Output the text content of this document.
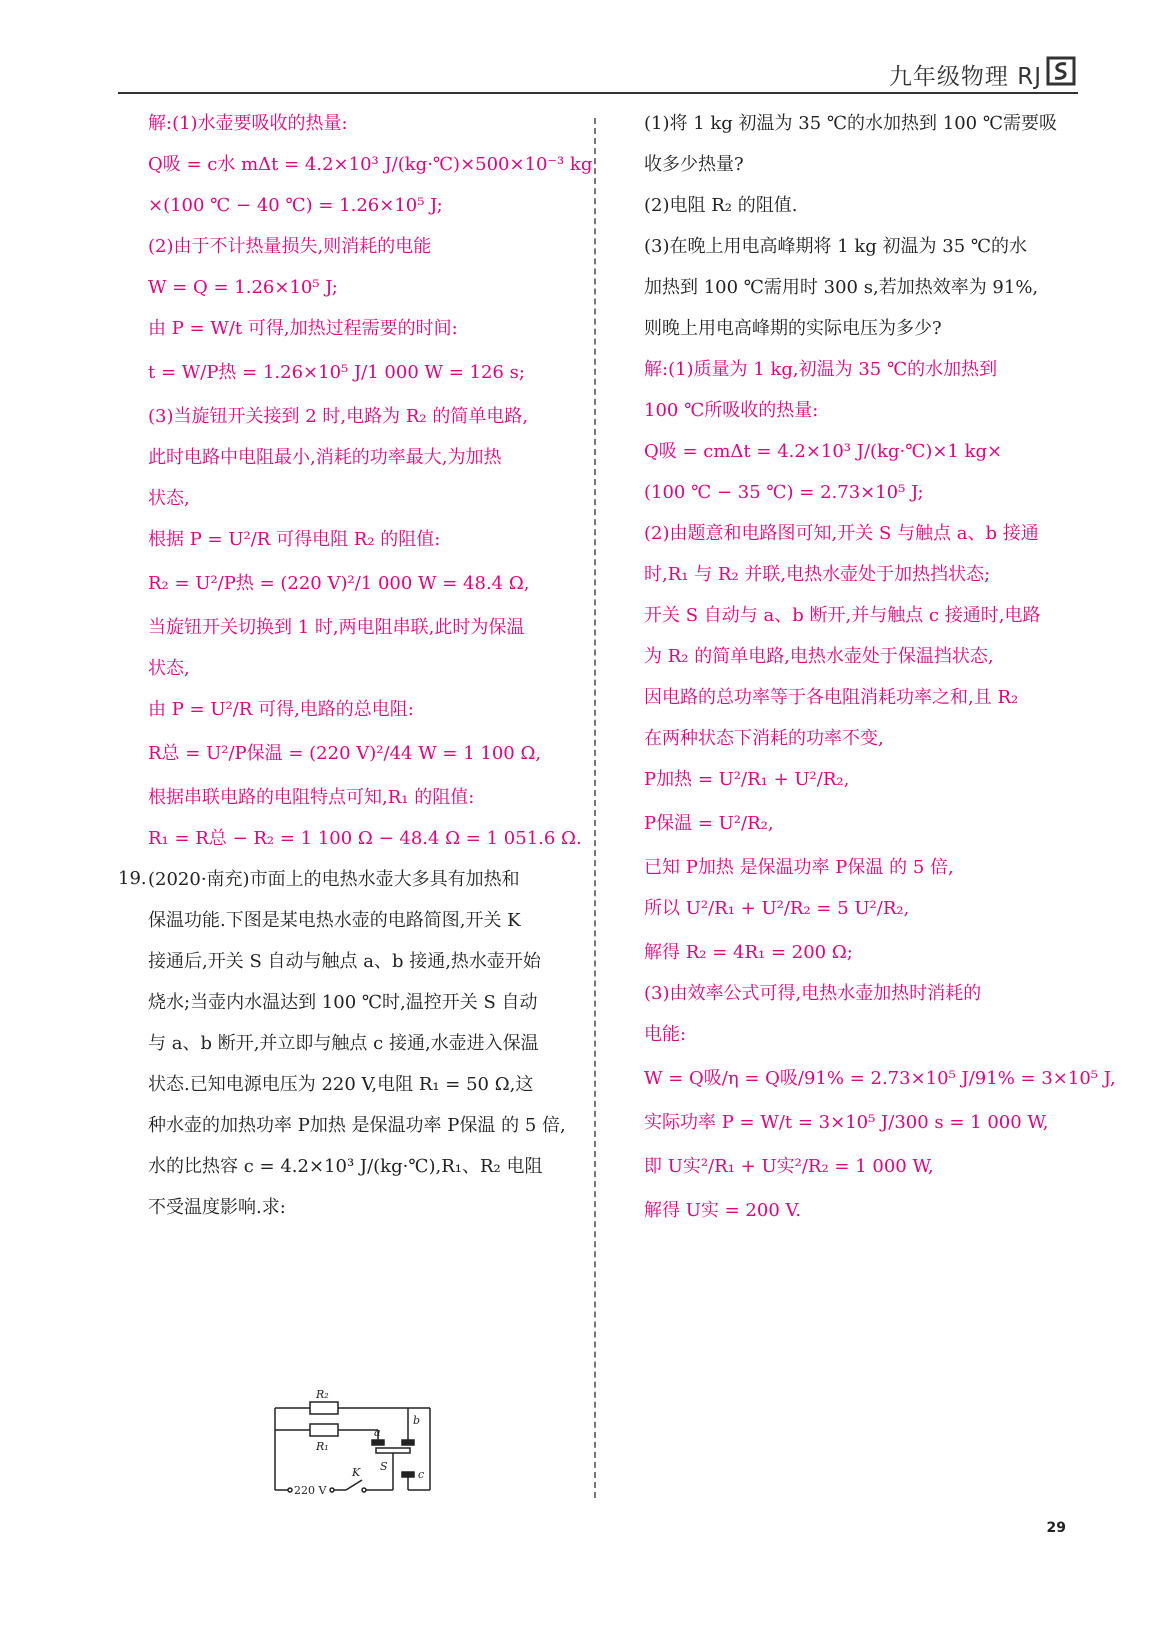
九年级物理 RJ
解:(1)水壶要吸收的热量:
Q吸 = c水 mΔt = 4.2×10³ J/(kg·℃)×500×10⁻³ kg
×(100 ℃ − 40 ℃) = 1.26×10⁵ J;
(2)由于不计热量损失,则消耗的电能
W = Q = 1.26×10⁵ J;
由 P = W/t 可得,加热过程需要的时间:
t = W/P热 = 1.26×10⁵ J/1 000 W = 126 s;
(3)当旋钮开关接到 2 时,电路为 R₂ 的简单电路,
此时电路中电阻最小,消耗的功率最大,为加热
状态,
根据 P = U²/R 可得电阻 R₂ 的阻值:
R₂ = U²/P热 = (220 V)²/1 000 W = 48.4 Ω,
当旋钮开关切换到 1 时,两电阻串联,此时为保温
状态,
由 P = U²/R 可得,电路的总电阻:
R总 = U²/P保温 = (220 V)²/44 W = 1 100 Ω,
根据串联电路的电阻特点可知,R₁ 的阻值:
R₁ = R总 − R₂ = 1 100 Ω − 48.4 Ω = 1 051.6 Ω.
19. (2020·南充)市面上的电热水壶大多具有加热和
保温功能.下图是某电热水壶的电路简图,开关 K
接通后,开关 S 自动与触点 a、b 接通,热水壶开始
烧水;当壶内水温达到 100 ℃时,温控开关 S 自动
与 a、b 断开,并立即与触点 c 接通,水壶进入保温
状态.已知电源电压为 220 V,电阻 R₁ = 50 Ω,这
种水壶的加热功率 P加热 是保温功率 P保温 的 5 倍,
水的比热容 c = 4.2×10³ J/(kg·℃),R₁、R₂ 电阻
不受温度影响.求:
R₂
R₁
a
b
c
S
K
220 V
(1)将 1 kg 初温为 35 ℃的水加热到 100 ℃需要吸
收多少热量?
(2)电阻 R₂ 的阻值.
(3)在晚上用电高峰期将 1 kg 初温为 35 ℃的水
加热到 100 ℃需用时 300 s,若加热效率为 91%,
则晚上用电高峰期的实际电压为多少?
解:(1)质量为 1 kg,初温为 35 ℃的水加热到
100 ℃所吸收的热量:
Q吸 = cmΔt = 4.2×10³ J/(kg·℃)×1 kg×
(100 ℃ − 35 ℃) = 2.73×10⁵ J;
(2)由题意和电路图可知,开关 S 与触点 a、b 接通
时,R₁ 与 R₂ 并联,电热水壶处于加热挡状态;
开关 S 自动与 a、b 断开,并与触点 c 接通时,电路
为 R₂ 的简单电路,电热水壶处于保温挡状态,
因电路的总功率等于各电阻消耗功率之和,且 R₂
在两种状态下消耗的功率不变,
P加热 = U²/R₁ + U²/R₂,
P保温 = U²/R₂,
已知 P加热 是保温功率 P保温 的 5 倍,
所以 U²/R₁ + U²/R₂ = 5 U²/R₂,
解得 R₂ = 4R₁ = 200 Ω;
(3)由效率公式可得,电热水壶加热时消耗的
电能:
W = Q吸/η = Q吸/91% = 2.73×10⁵ J/91% = 3×10⁵ J,
实际功率 P = W/t = 3×10⁵ J/300 s = 1 000 W,
即 U实²/R₁ + U实²/R₂ = 1 000 W,
解得 U实 = 200 V.
29
